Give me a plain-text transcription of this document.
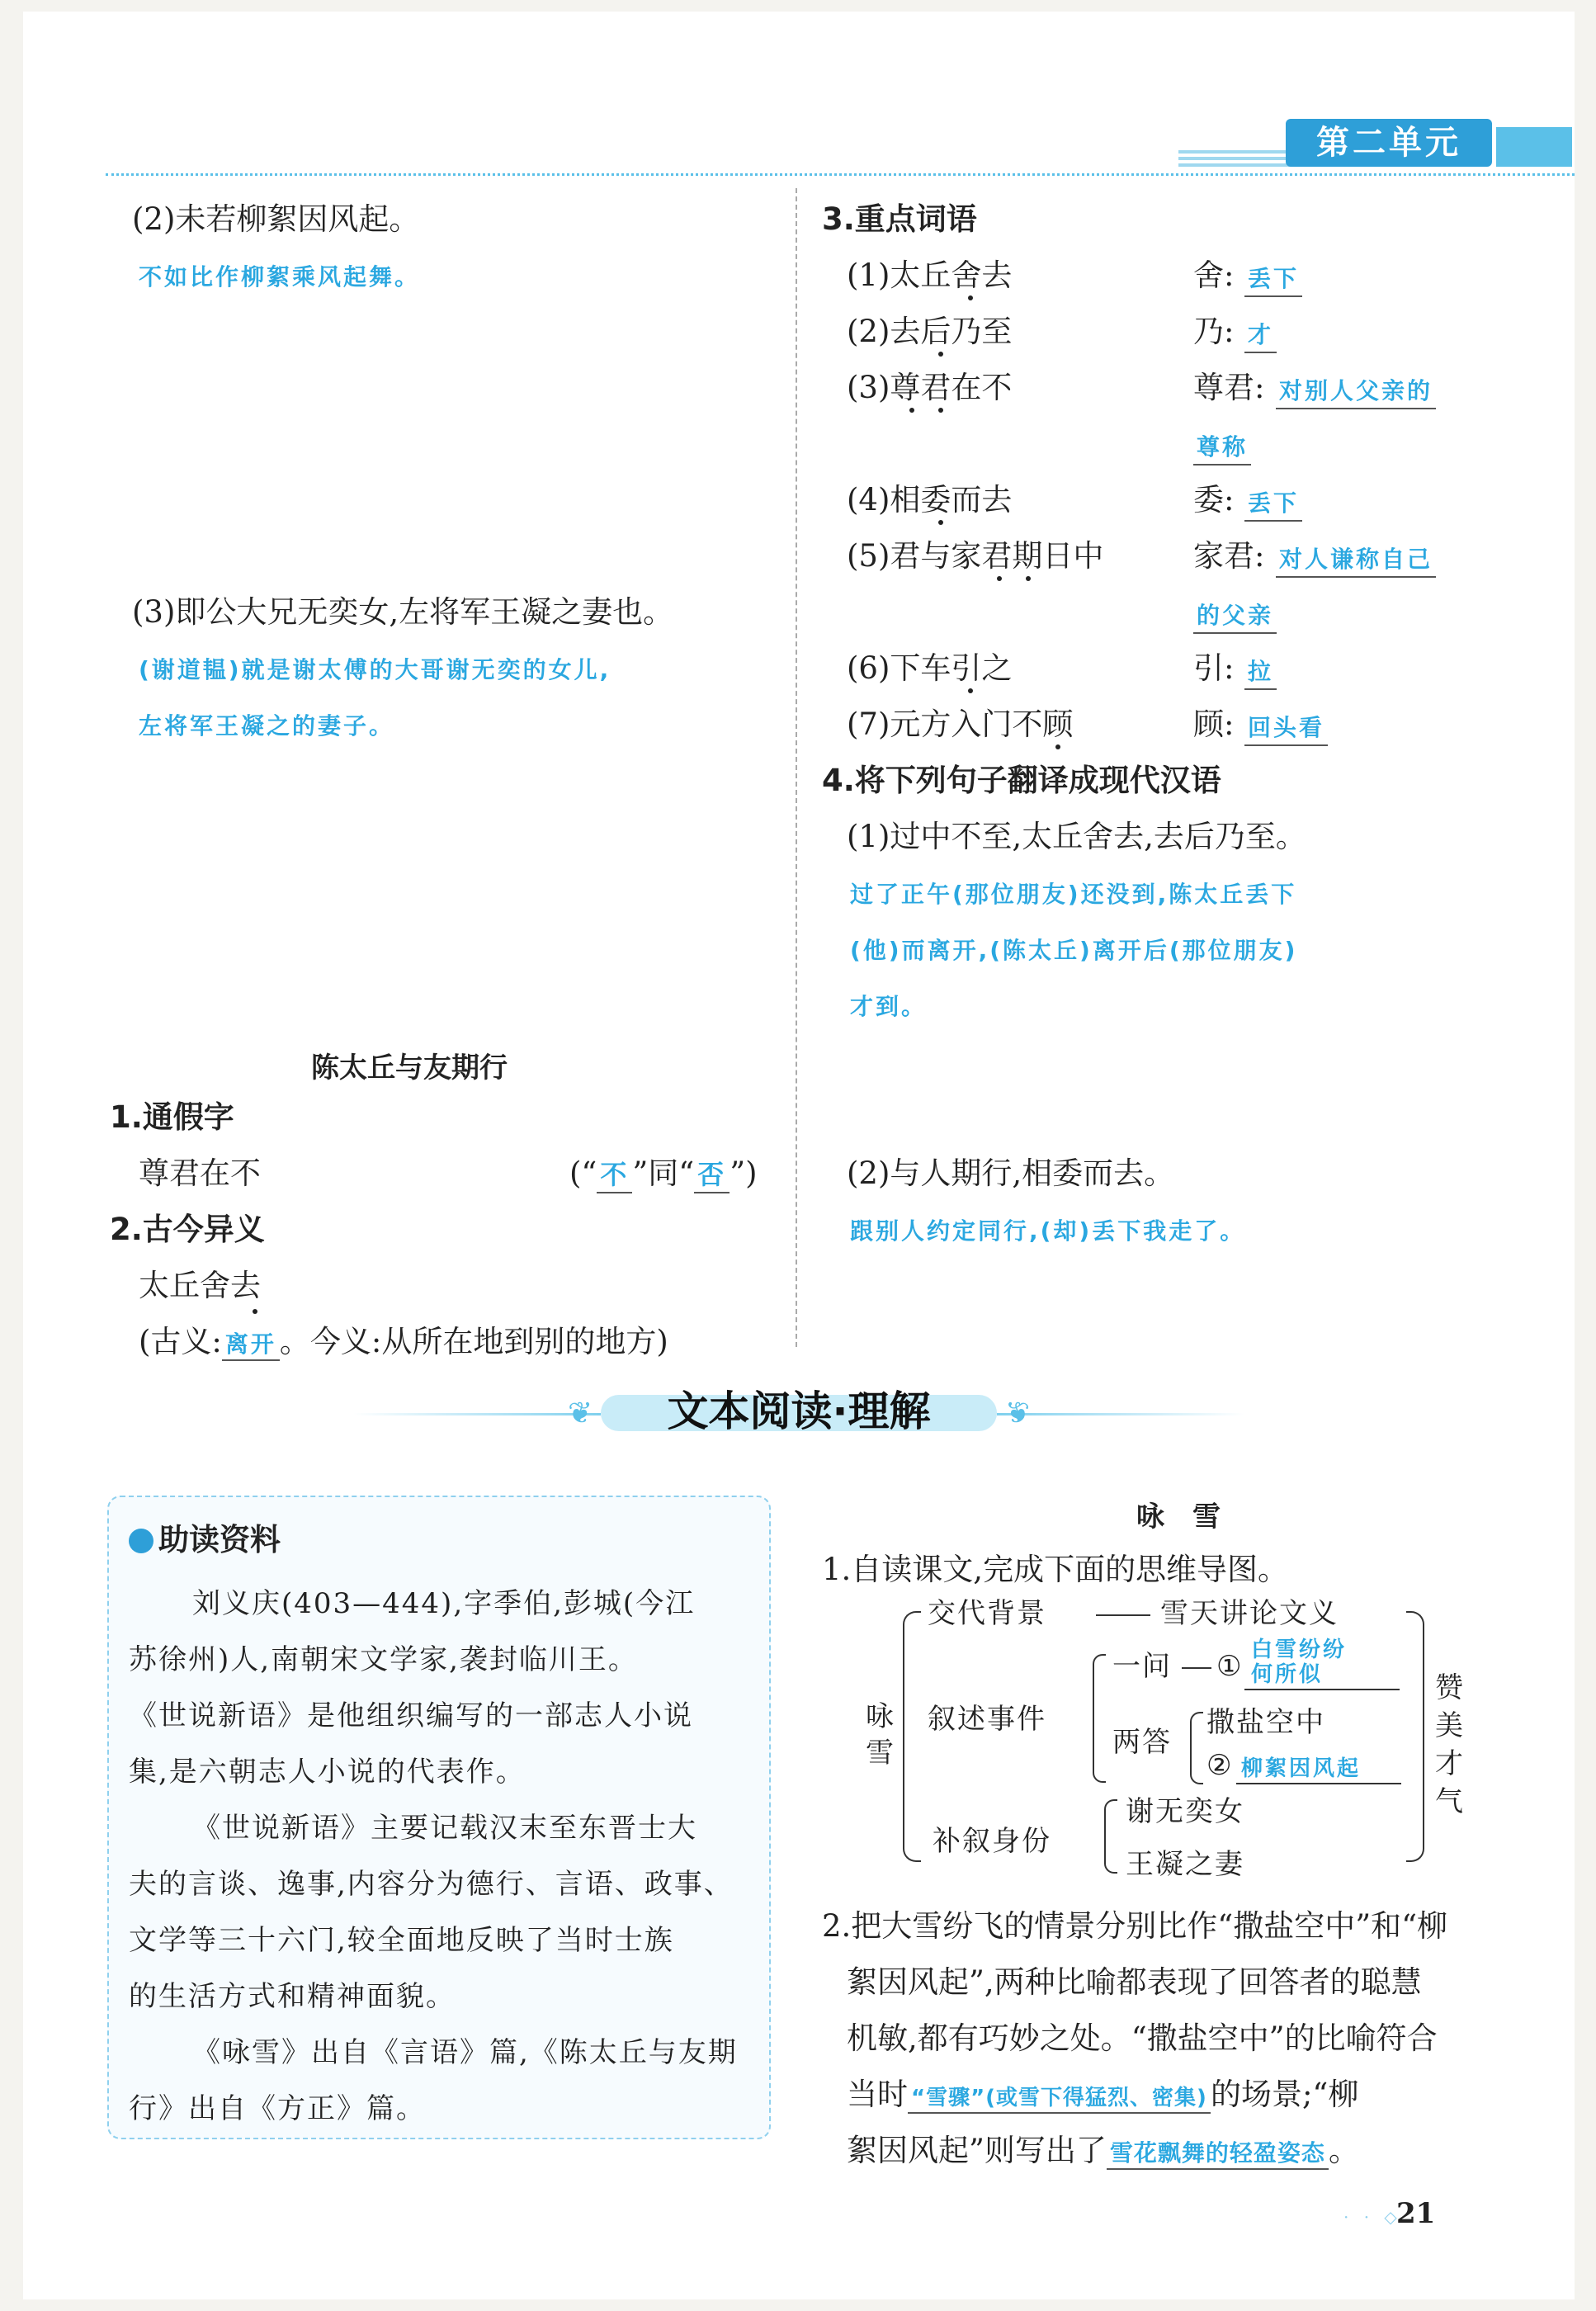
第二单元
(2)未若柳絮因风起。
不如比作柳絮乘风起舞。
(3)即公大兄无奕女,左将军王凝之妻也。
(谢道韫)就是谢太傅的大哥谢无奕的女儿,
左将军王凝之的妻子。
3.重点词语
(1)太丘舍去	舍: 丢下
(2)去后乃至	乃: 才
(3)尊君在不	尊君: 对别人父亲的
尊称
(4)相委而去	委: 丢下
(5)君与家君期日中	家君: 对人谦称自己
的父亲
(6)下车引之	引: 拉
(7)元方入门不顾	顾: 回头看
4.将下列句子翻译成现代汉语
(1)过中不至,太丘舍去,去后乃至。
过了正午(那位朋友)还没到,陈太丘丢下
(他)而离开,(陈太丘)离开后(那位朋友)
才到。
(2)与人期行,相委而去。
跟别人约定同行,(却)丢下我走了。
陈太丘与友期行
1.通假字
尊君在不	(“ 不 ”同“ 否 ”)
2.古今异义
太丘舍去
(古义: 离开 。今义:从所在地到别的地方)
❦	❦
文本阅读·理解
助读资料
刘义庆(403—444),字季伯,彭城(今江
苏徐州)人,南朝宋文学家,袭封临川王。
《世说新语》是他组织编写的一部志人小说
集,是六朝志人小说的代表作。
《世说新语》主要记载汉末至东晋士大
夫的言谈、逸事,内容分为德行、言语、政事、
文学等三十六门,较全面地反映了当时士族
的生活方式和精神面貌。
《咏雪》出自《言语》篇,《陈太丘与友期
行》出自《方正》篇。
咏　雪
1.自读课文,完成下面的思维导图。
咏雪
交代背景	雪天讲论文义
叙述事件
一问 ① 白雪纷纷
何所似
两答
撒盐空中
② 柳絮因风起
补叙身份
谢无奕女
王凝之妻
赞
美
才
气
2.把大雪纷飞的情景分别比作“撒盐空中”和“柳
絮因风起”,两种比喻都表现了回答者的聪慧
机敏,都有巧妙之处。“撒盐空中”的比喻符合
当时 “雪骤”(或雪下得猛烈、密集) 的场景;“柳
絮因风起”则写出了 雪花飘舞的轻盈姿态 。
· · ◇
21
